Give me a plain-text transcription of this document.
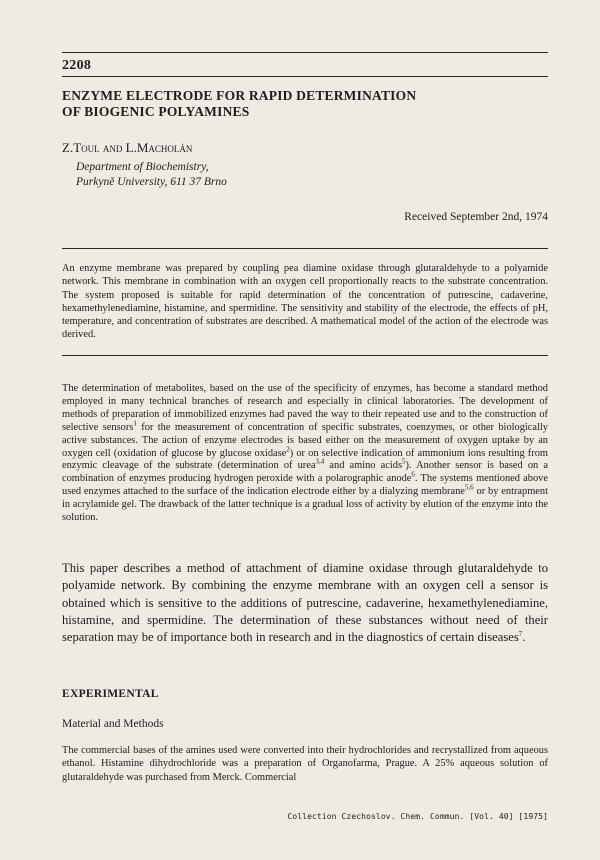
2208
ENZYME ELECTRODE FOR RAPID DETERMINATION
OF BIOGENIC POLYAMINES
Z.Toul and L.Macholán
Department of Biochemistry,
Purkyně University, 611 37 Brno
Received September 2nd, 1974
An enzyme membrane was prepared by coupling pea diamine oxidase through glutaraldehyde to a polyamide network. This membrane in combination with an oxygen cell proportionally reacts to the substrate concentration. The system proposed is suitable for rapid determination of the concentration of putrescine, cadaverine, hexamethylenediamine, histamine, and spermidine. The sensitivity and stability of the electrode, the effects of pH, temperature, and concentration of substrates are described. A mathematical model of the action of the electrode was derived.
The determination of metabolites, based on the use of the specificity of enzymes, has become a standard method employed in many technical branches of research and especially in clinical laboratories. The development of methods of preparation of immobilized enzymes had paved the way to their repeated use and to the construction of selective sensors$^1$ for the measurement of concentration of specific substrates, coenzymes, or other biologically active substances. The action of enzyme electrodes is based either on the measurement of oxygen uptake by an oxygen cell (oxidation of glucose by glucose oxidase$^2$) or on selective indication of ammonium ions resulting from enzymic cleavage of the substrate (determination of urea$^{3,4}$ and amino acids$^5$). Another sensor is based on a combination of enzymes producing hydrogen peroxide with a polarographic anode$^6$. The systems mentioned above used enzymes attached to the surface of the indication electrode either by a dialyzing membrane$^{5,6}$ or by entrapment in acrylamide gel. The drawback of the latter technique is a gradual loss of activity by elution of the enzyme into the solution.
This paper describes a method of attachment of diamine oxidase through glutaraldehyde to polyamide network. By combining the enzyme membrane with an oxygen cell a sensor is obtained which is sensitive to the additions of putrescine, cadaverine, hexamethylenediamine, histamine, and spermidine. The determination of these substances without need of their separation may be of importance both in research and in the diagnostics of certain diseases$^7$.
EXPERIMENTAL
Material and Methods
The commercial bases of the amines used were converted into their hydrochlorides and recrystallized from aqueous ethanol. Histamine dihydrochloride was a preparation of Organofarma, Prague. A 25% aqueous solution of glutaraldehyde was purchased from Merck. Commercial
Collection Czechoslov. Chem. Commun. [Vol. 40] [1975]
